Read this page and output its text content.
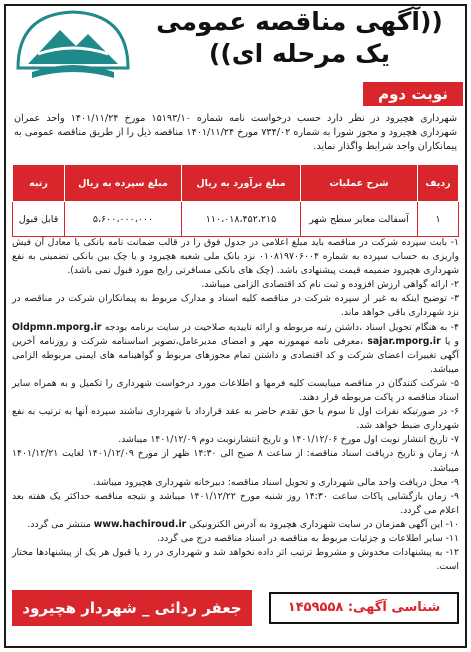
((آگهی مناقصه عمومی
یک مرحله ای))
نوبت دوم
شهرداری هچیرود در نظر دارد حسب درخواست نامه شماره ۱۵۱۹۳/۱۰ مورخ ۱۴۰۱/۱۱/۲۴ واحد عمران شهرداری هچیرود و مجوز شورا به شماره ۷۳۴/۰۲ مورخ ۱۴۰۱/۱۱/۲۴ مناقصه ذیل را از طریق مناقصه عمومی به پیمانکاران واجد شرایط واگذار نماید.
ردیف	شرح عملیات	مبلغ برآورد به ریال	مبلغ سپرده به ریال	رتبه
۱	آسفالت معابر سطح شهر	۱۱۰،۰۱۸،۴۵۲،۲۱۵	۵،۶۰۰،۰۰۰،۰۰۰	قابل قبول

۱- بابت سپرده شرکت در مناقصه باید مبلغ اعلامی در جدول فوق را در قالب ضمانت نامه بانکی یا معادل آن فیش واریزی به حساب سپرده به شماره ۰۱۰۸۱۹۷۰۶۰۰۴ نزد بانک ملی شعبه هچیرود و یا چک بین بانکی تضمینی به نفع شهرداری هچیرود ضمیمه قیمت پیشنهادی باشد. (چک های بانکی مسافرتی رایج مورد قبول نمی باشد).

۲- ارائه گواهی ارزش افزوده و ثبت نام کد اقتصادی الزامی میباشد.

۳- توضیح اینکه به غیر از سپرده شرکت در مناقصه کلیه اسناد و مدارک مربوط به پیمانکاران شرکت در مناقصه در نزد شهرداری باقی خواهد ماند.

۴- به هنگام تحویل اسناد ،داشتن رتبه مربوطه و ارائه تاییدیه صلاحیت در سایت برنامه بودجه Oldpmn.mporg.ir و یا sajar.mporg.ir ،معرفی نامه مهمورنه مهر و امضای مدیرعامل،تصویر اساسنامه شرکت و روزنامه آخرین آگهی تغییرات اعضای شرکت و کد اقتصادی و داشتن تمام مجوزهای مربوط و گواهینامه های ایمنی مربوطه الزامی میباشد.

۵- شرکت کنندگان در مناقصه میبایست کلیه فرمها و اطلاعات مورد درخواست شهرداری را تکمیل و به همراه سایر اسناد مناقصه در پاکت مربوطه قرار دهند.

۶- در صورتیکه نفرات اول تا سوم یا حق تقدم حاضر به عقد قرارداد با شهرداری نباشند سپرده آنها به ترتیب به نفع شهرداری ضبط خواهد شد.

۷- تاریخ انتشار نوبت اول مورخ ۱۴۰۱/۱۲/۰۶ و تاریخ انتشارنوبت دوم ۱۴۰۱/۱۲/۰۹ میباشد.

۸- زمان و تاریخ دریافت اسناد مناقصه: از ساعت ۸ صبح الی ۱۴:۳۰ ظهر از مورخ ۱۴۰۱/۱۲/۰۹ لغایت ۱۴۰۱/۱۲/۲۱ میباشد.

۹- محل دریافت واحد مالی شهرداری و تحویل اسناد مناقصه: دبیرخانه شهرداری هچیرود میباشد.

۹- زمان بازگشایی پاکات ساعت ۱۴:۳۰ روز شنبه مورخ ۱۴۰۱/۱۲/۲۲ میباشد و نتیجه مناقصه حداکثر یک هفته بعد اعلام می گردد.

۱۰- این آگهی همزمان در سایت شهرداری هچیرود به آدرس الکترونیکی www.hachiroud.ir منتشر می گردد.

۱۱- سایر اطلاعات و جزئیات مربوط به مناقصه در اسناد مناقصه درج می گردد.

۱۲- به پیشنهادات مخدوش و مشروط ترتیب اثر داده نخواهد شد و شهرداری در رد یا قبول هر یک از پیشنهادها مختار است.

جعفر ردائی _ شهردار هچیرود	شناسی آگهی: ۱۴۵۹۵۵۸
